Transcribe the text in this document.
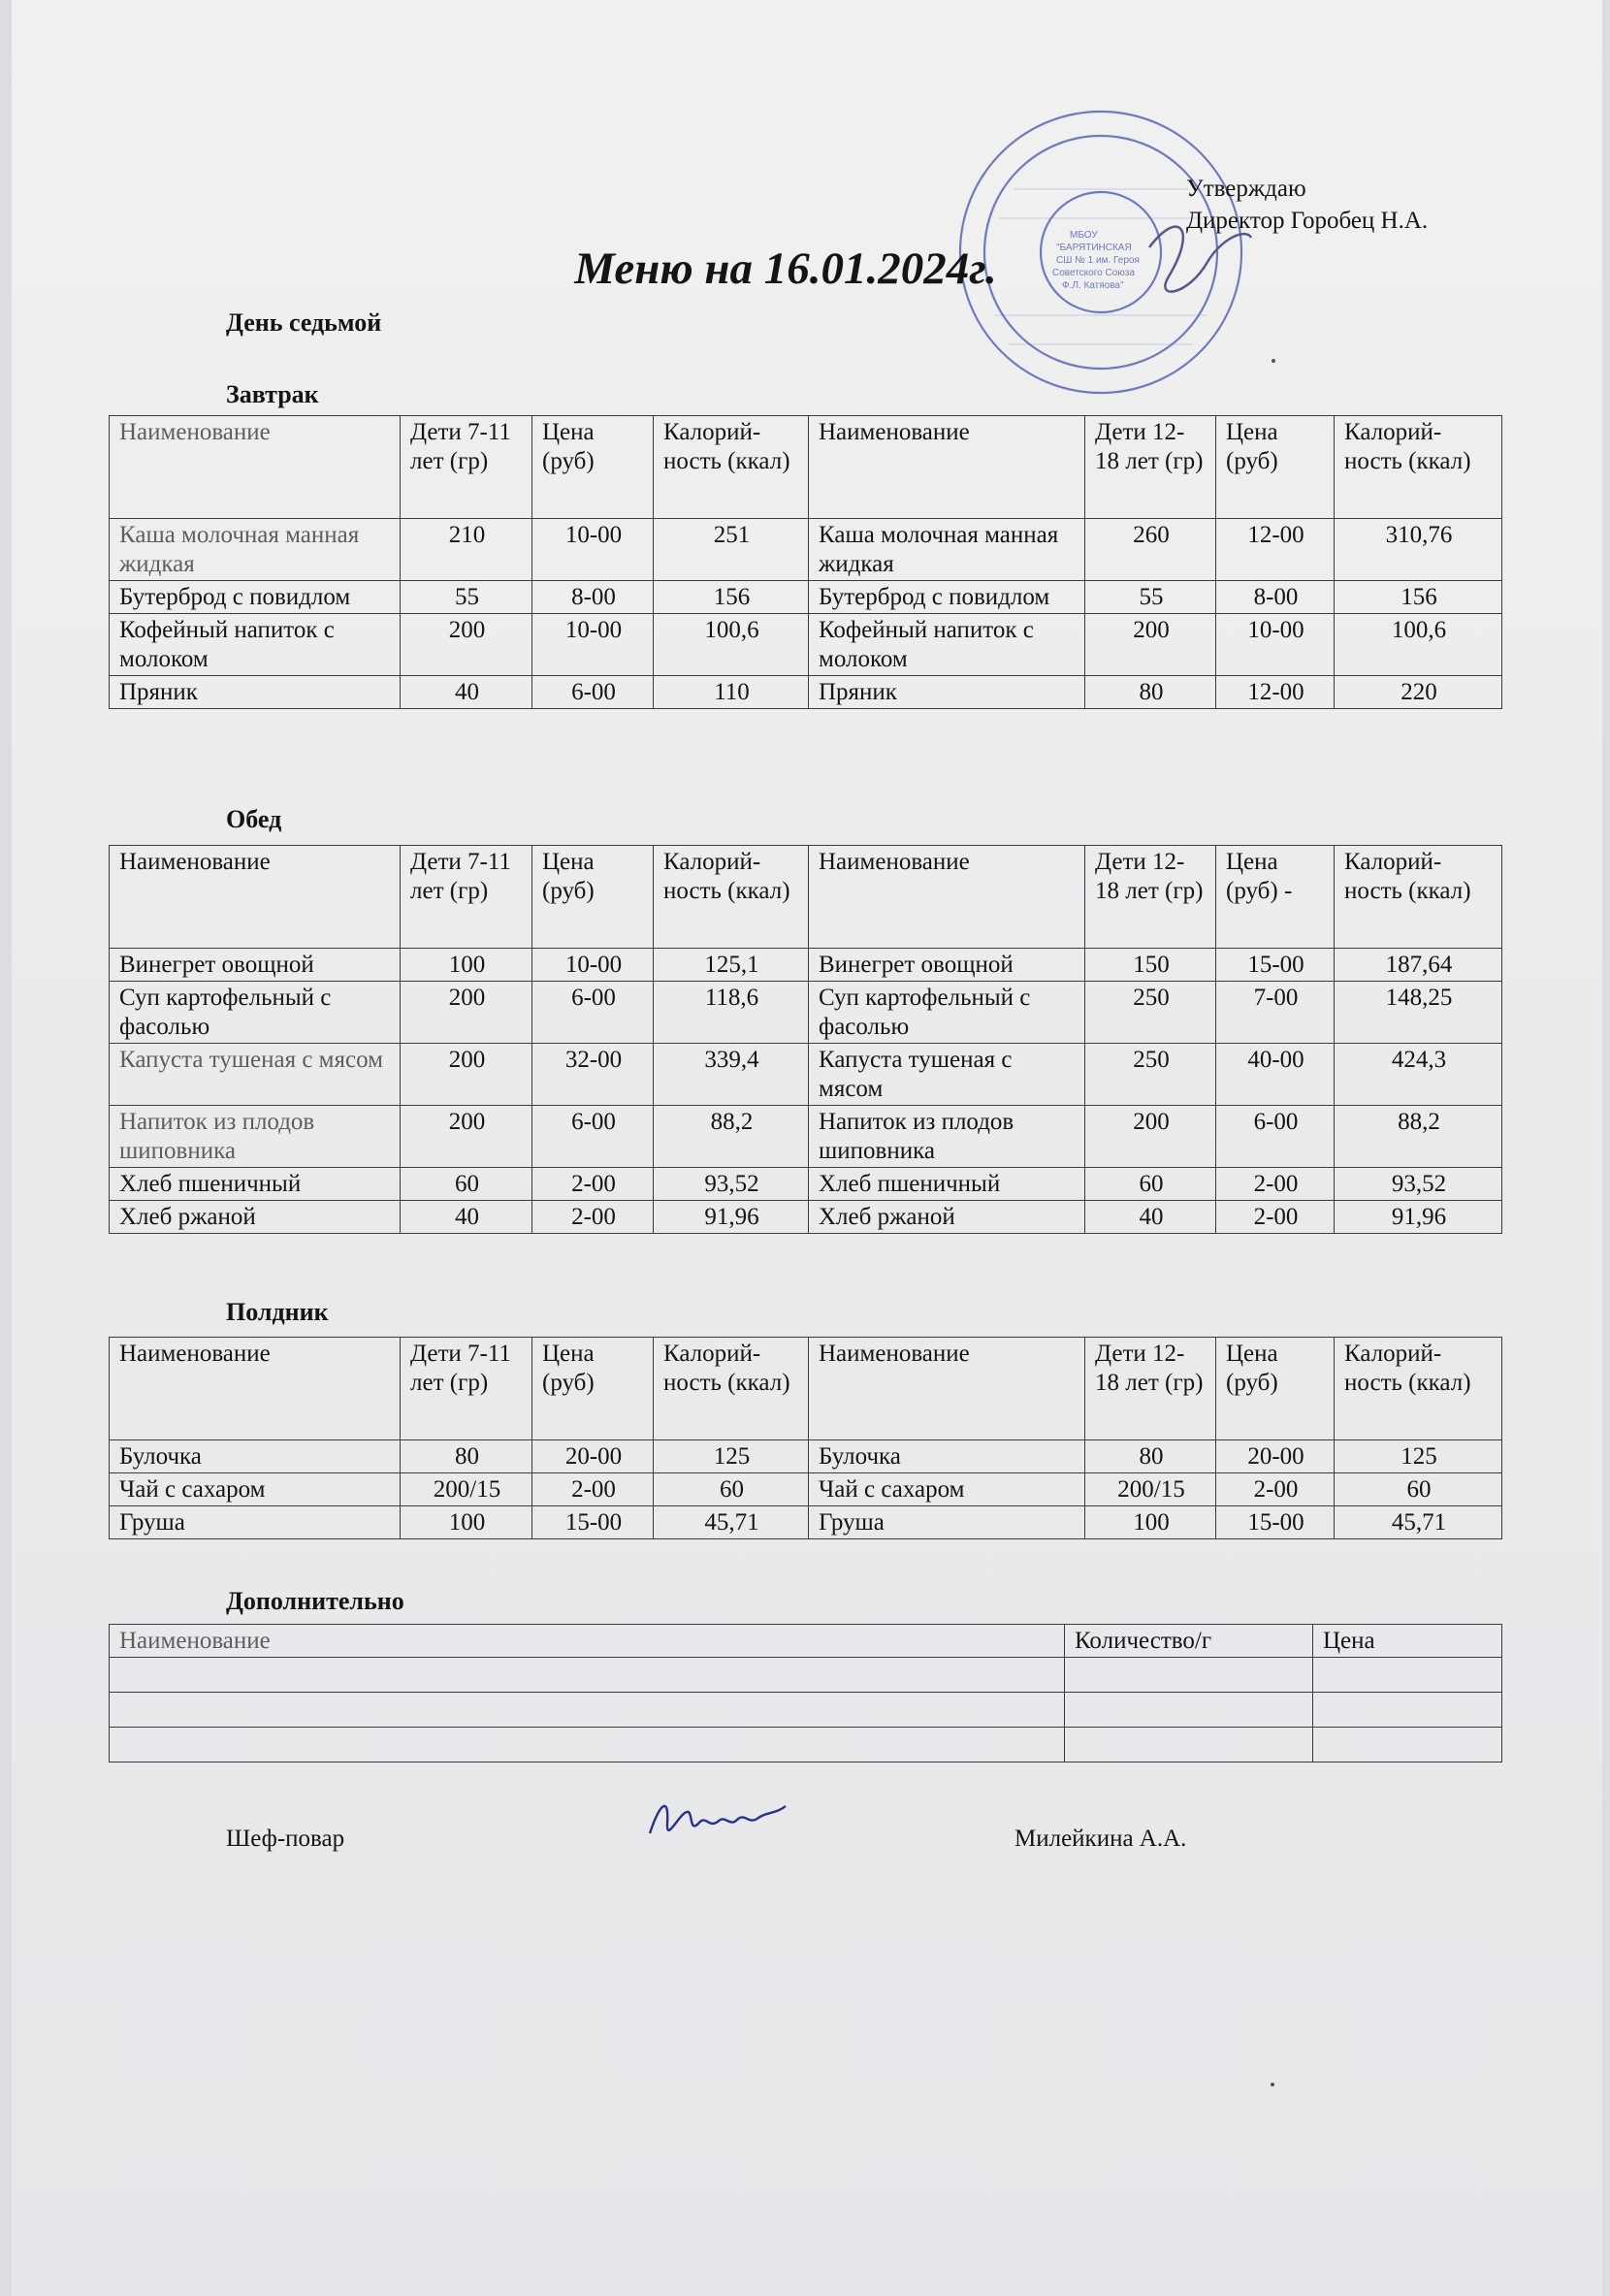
МБОУ
"БАРЯТИНСКАЯ
СШ № 1 им. Героя
Советского Союза
Ф.Л. Катяова"
Утверждаю
Директор Горобец Н.А.
Меню на 16.01.2024г.
День седьмой
Завтрак
Наименование	Дети 7-11 лет (гр)	Цена (руб)	Калорий-ность (ккал)	Наименование	Дети 12-18 лет (гр)	Цена (руб)	Калорий-ность (ккал)
Каша молочная манная жидкая	210	10-00	251	Каша молочная манная жидкая	260	12-00	310,76
Бутерброд с повидлом	55	8-00	156	Бутерброд с повидлом	55	8-00	156
Кофейный напиток с молоком	200	10-00	100,6	Кофейный напиток с молоком	200	10-00	100,6
Пряник	40	6-00	110	Пряник	80	12-00	220
Обед
Наименование	Дети 7-11 лет (гр)	Цена (руб)	Калорий-ность (ккал)	Наименование	Дети 12-18 лет (гр)	Цена (руб) -	Калорий-ность (ккал)
Винегрет овощной	100	10-00	125,1	Винегрет овощной	150	15-00	187,64
Суп картофельный с фасолью	200	6-00	118,6	Суп картофельный с фасолью	250	7-00	148,25
Капуста тушеная с мясом	200	32-00	339,4	Капуста тушеная с мясом	250	40-00	424,3
Напиток из плодов шиповника	200	6-00	88,2	Напиток из плодов шиповника	200	6-00	88,2
Хлеб пшеничный	60	2-00	93,52	Хлеб пшеничный	60	2-00	93,52
Хлеб ржаной	40	2-00	91,96	Хлеб ржаной	40	2-00	91,96
Полдник
Наименование	Дети 7-11 лет (гр)	Цена (руб)	Калорий-ность (ккал)	Наименование	Дети 12-18 лет (гр)	Цена (руб)	Калорий-ность (ккал)
Булочка	80	20-00	125	Булочка	80	20-00	125
Чай с сахаром	200/15	2-00	60	Чай с сахаром	200/15	2-00	60
Груша	100	15-00	45,71	Груша	100	15-00	45,71
Дополнительно
Наименование	Количество/г	Цена

Шеф-повар	Милейкина А.А.
